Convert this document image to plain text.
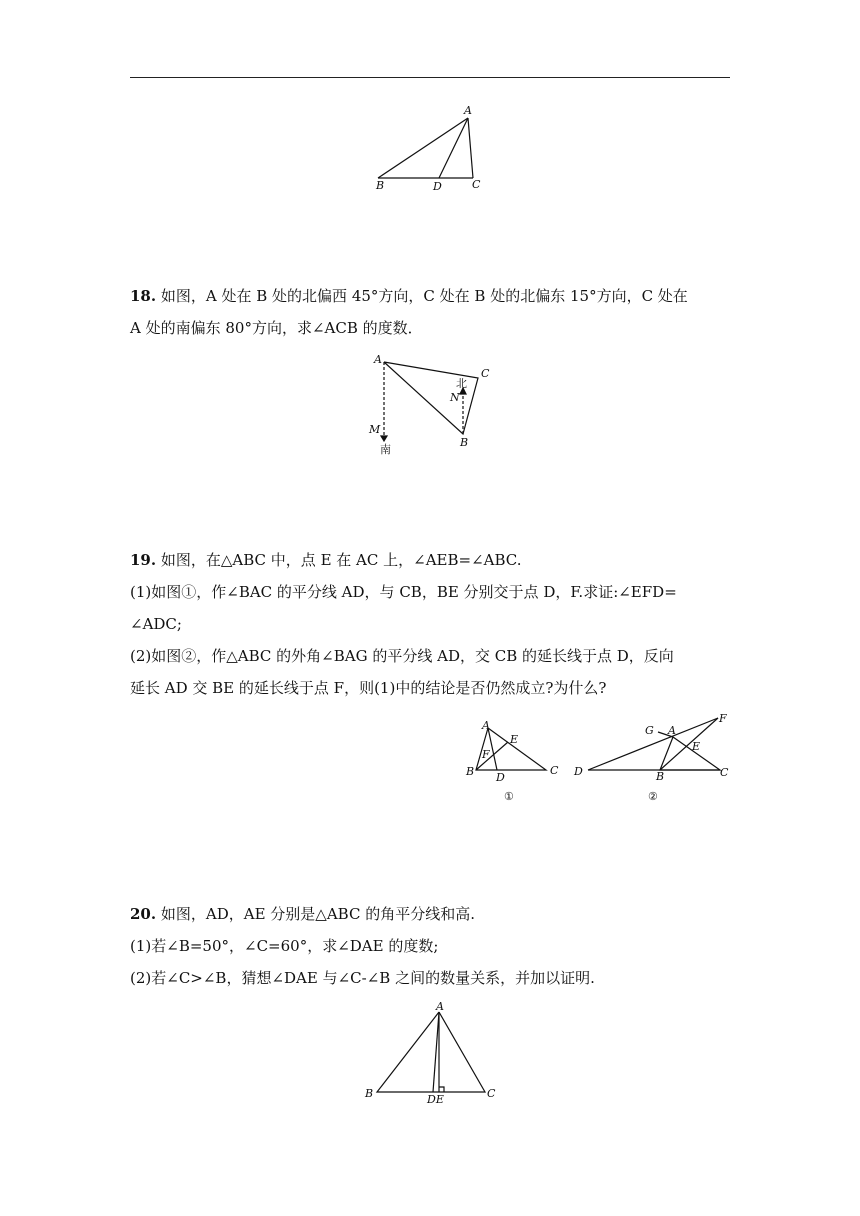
A
B	D	C

18. 如图，A 处在 B 处的北偏西 45°方向，C 处在 B 处的北偏东 15°方向，C 处在
A 处的南偏东 80°方向，求∠ACB 的度数．

A
C
北
N
M
B
南

19. 如图，在△ABC 中，点 E 在 AC 上，∠AEB=∠ABC.
(1)如图①，作∠BAC 的平分线 AD，与 CB，BE 分别交于点 D，F.求证:∠EFD=
∠ADC;
(2)如图②，作△ABC 的外角∠BAG 的平分线 AD，交 CB 的延长线于点 D，反向
延长 AD 交 BE 的延长线于点 F，则(1)中的结论是否仍然成立?为什么?

A
E
F
B D
C
①
G A
F
E
D	B	C
②

20. 如图，AD，AE 分别是△ABC 的角平分线和高.
(1)若∠B=50°，∠C=60°，求∠DAE 的度数;
(2)若∠C>∠B，猜想∠DAE 与∠C-∠B 之间的数量关系，并加以证明.

A
B	DE	C
